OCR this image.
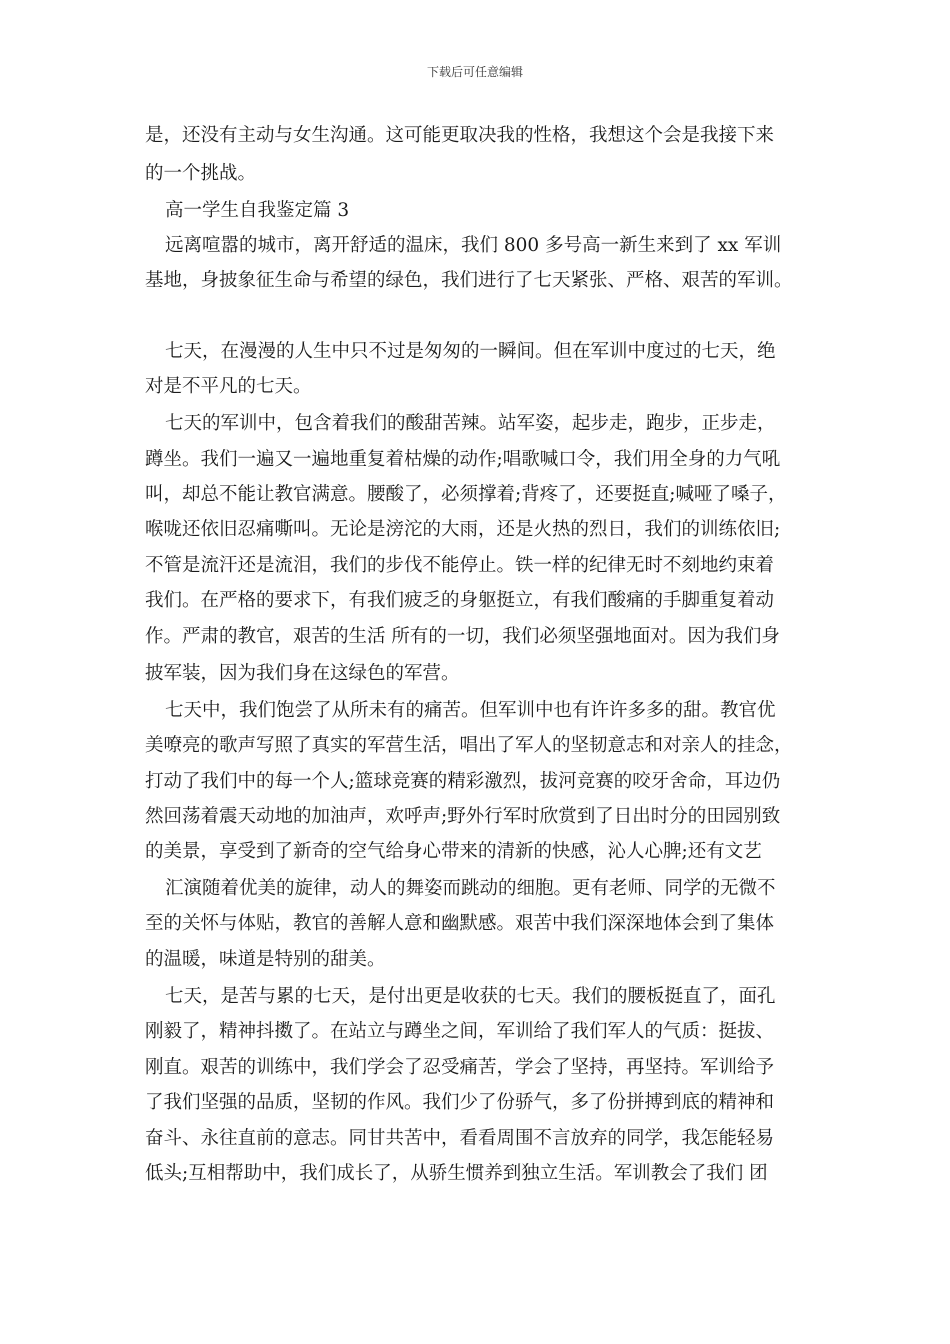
下载后可任意编辑
是，还没有主动与女生沟通。这可能更取决我的性格，我想这个会是我接下来
的一个挑战。
高一学生自我鉴定篇 3
远离喧嚣的城市，离开舒适的温床，我们 800 多号高一新生来到了 xx 军训
基地，身披象征生命与希望的绿色，我们进行了七天紧张、严格、艰苦的军训。
七天，在漫漫的人生中只不过是匆匆的一瞬间。但在军训中度过的七天，绝
对是不平凡的七天。
七天的军训中，包含着我们的酸甜苦辣。站军姿，起步走，跑步，正步走，
蹲坐。我们一遍又一遍地重复着枯燥的动作;唱歌喊口令，我们用全身的力气吼
叫，却总不能让教官满意。腰酸了，必须撑着;背疼了，还要挺直;喊哑了嗓子，
喉咙还依旧忍痛嘶叫。无论是滂沱的大雨，还是火热的烈日，我们的训练依旧;
不管是流汗还是流泪，我们的步伐不能停止。铁一样的纪律无时不刻地约束着
我们。在严格的要求下，有我们疲乏的身躯挺立，有我们酸痛的手脚重复着动
作。严肃的教官，艰苦的生活 所有的一切，我们必须坚强地面对。因为我们身
披军装，因为我们身在这绿色的军营。
七天中，我们饱尝了从所未有的痛苦。但军训中也有许许多多的甜。教官优
美嘹亮的歌声写照了真实的军营生活，唱出了军人的坚韧意志和对亲人的挂念，
打动了我们中的每一个人;篮球竞赛的精彩激烈，拔河竞赛的咬牙舍命，耳边仍
然回荡着震天动地的加油声，欢呼声;野外行军时欣赏到了日出时分的田园别致
的美景，享受到了新奇的空气给身心带来的清新的快感，沁人心脾;还有文艺
汇演随着优美的旋律，动人的舞姿而跳动的细胞。更有老师、同学的无微不
至的关怀与体贴，教官的善解人意和幽默感。艰苦中我们深深地体会到了集体
的温暖，味道是特别的甜美。
七天，是苦与累的七天，是付出更是收获的七天。我们的腰板挺直了，面孔
刚毅了，精神抖擞了。在站立与蹲坐之间，军训给了我们军人的气质：挺拔、
刚直。艰苦的训练中，我们学会了忍受痛苦，学会了坚持，再坚持。军训给予
了我们坚强的品质，坚韧的作风。我们少了份骄气，多了份拼搏到底的精神和
奋斗、永往直前的意志。同甘共苦中，看看周围不言放弃的同学，我怎能轻易
低头;互相帮助中，我们成长了，从骄生惯养到独立生活。军训教会了我们 团
